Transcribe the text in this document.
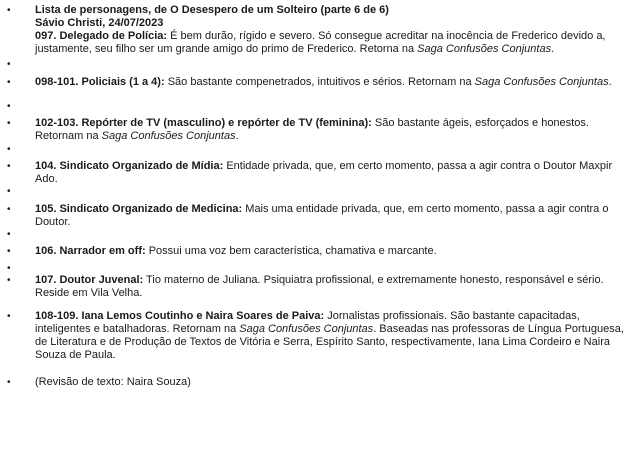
• Lista de personagens, de O Desespero de um Solteiro (parte 6 de 6)
Sávio Christi, 24/07/2023
097. Delegado de Polícia: É bem durão, rígido e severo. Só consegue acreditar na inocência de Frederico devido a, justamente, seu filho ser um grande amigo do primo de Frederico. Retorna na Saga Confusões Conjuntas.
•
• 098-101. Policiais (1 a 4): São bastante compenetrados, intuitivos e sérios. Retornam na Saga Confusões Conjuntas.
•
• 102-103. Repórter de TV (masculino) e repórter de TV (feminina): São bastante ágeis, esforçados e honestos. Retornam na Saga Confusões Conjuntas.
•
• 104. Sindicato Organizado de Mídia: Entidade privada, que, em certo momento, passa a agir contra o Doutor Maxpir Ado.
•
• 105. Sindicato Organizado de Medicina: Mais uma entidade privada, que, em certo momento, passa a agir contra o Doutor.
•
• 106. Narrador em off: Possui uma voz bem característica, chamativa e marcante.
•
• 107. Doutor Juvenal: Tio materno de Juliana. Psiquiatra profissional, e extremamente honesto, responsável e sério. Reside em Vila Velha.
• 108-109. Iana Lemos Coutinho e Naira Soares de Paiva: Jornalistas profissionais. São bastante capacitadas, inteligentes e batalhadoras. Retornam na Saga Confusões Conjuntas. Baseadas nas professoras de Língua Portuguesa, de Literatura e de Produção de Textos de Vitória e Serra, Espírito Santo, respectivamente, Iana Lima Cordeiro e Naira Souza de Paula.
• (Revisão de texto: Naira Souza)
